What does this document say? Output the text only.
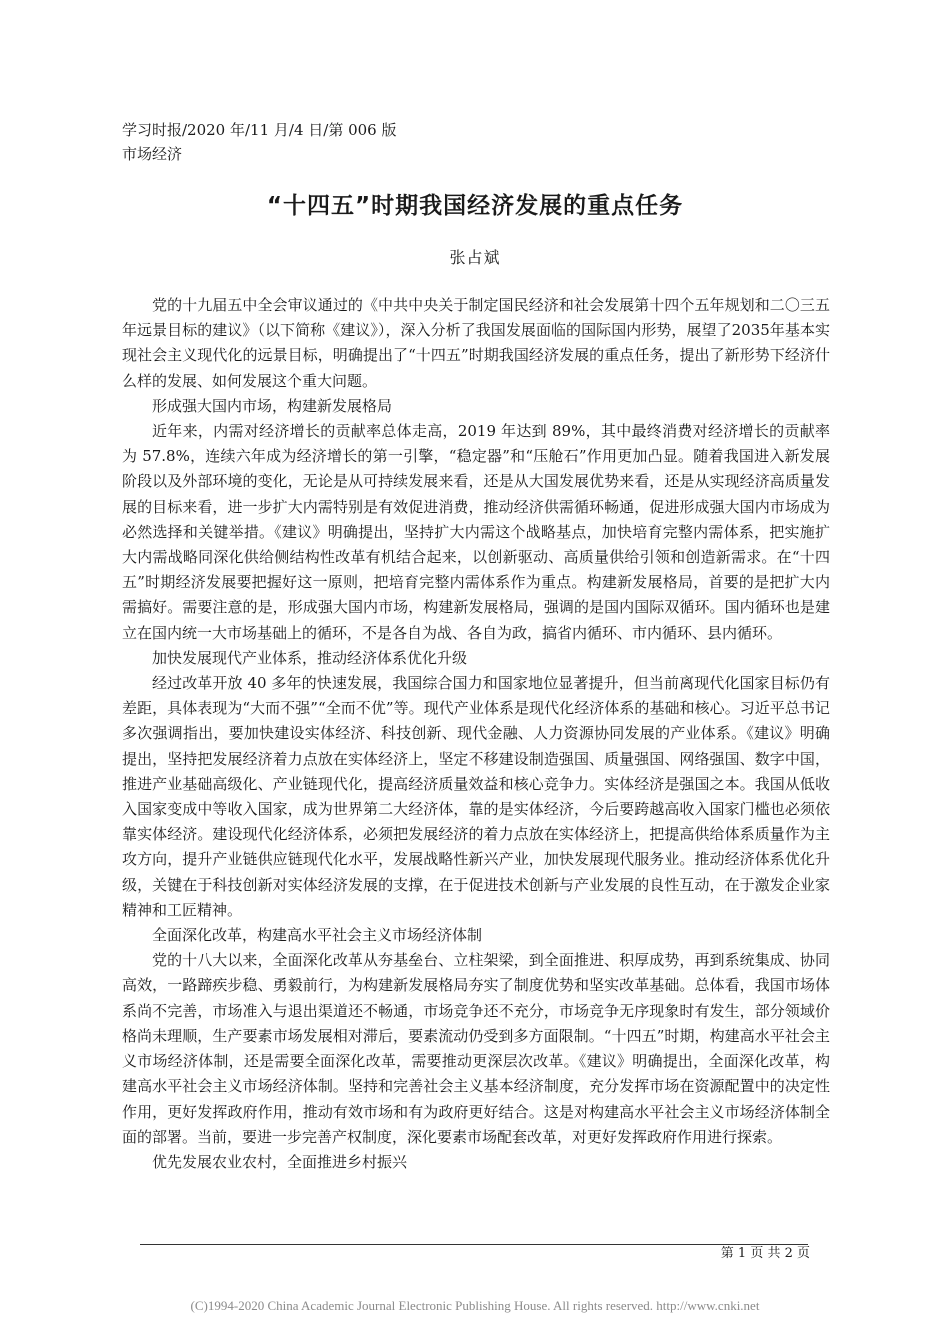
学习时报/2020 年/11 月/4 日/第 006 版
市场经济
“十四五”时期我国经济发展的重点任务
张占斌

党的十九届五中全会审议通过的《中共中央关于制定国民经济和社会发展第十四个五年规划和二〇三五年远景目标的建议》（以下简称《建议》），深入分析了我国发展面临的国际国内形势，展望了2035年基本实现社会主义现代化的远景目标，明确提出了“十四五”时期我国经济发展的重点任务，提出了新形势下经济什么样的发展、如何发展这个重大问题。

形成强大国内市场，构建新发展格局

近年来，内需对经济增长的贡献率总体走高，2019 年达到 89%，其中最终消费对经济增长的贡献率为 57.8%，连续六年成为经济增长的第一引擎，“稳定器”和“压舱石”作用更加凸显。随着我国进入新发展阶段以及外部环境的变化，无论是从可持续发展来看，还是从大国发展优势来看，还是从实现经济高质量发展的目标来看，进一步扩大内需特别是有效促进消费，推动经济供需循环畅通，促进形成强大国内市场成为必然选择和关键举措。《建议》明确提出，坚持扩大内需这个战略基点，加快培育完整内需体系，把实施扩大内需战略同深化供给侧结构性改革有机结合起来，以创新驱动、高质量供给引领和创造新需求。在“十四五”时期经济发展要把握好这一原则，把培育完整内需体系作为重点。构建新发展格局，首要的是把扩大内需搞好。需要注意的是，形成强大国内市场，构建新发展格局，强调的是国内国际双循环。国内循环也是建立在国内统一大市场基础上的循环，不是各自为战、各自为政，搞省内循环、市内循环、县内循环。

加快发展现代产业体系，推动经济体系优化升级

经过改革开放 40 多年的快速发展，我国综合国力和国家地位显著提升，但当前离现代化国家目标仍有差距，具体表现为“大而不强”“全而不优”等。现代产业体系是现代化经济体系的基础和核心。习近平总书记多次强调指出，要加快建设实体经济、科技创新、现代金融、人力资源协同发展的产业体系。《建议》明确提出，坚持把发展经济着力点放在实体经济上，坚定不移建设制造强国、质量强国、网络强国、数字中国，推进产业基础高级化、产业链现代化，提高经济质量效益和核心竞争力。实体经济是强国之本。我国从低收入国家变成中等收入国家，成为世界第二大经济体，靠的是实体经济，今后要跨越高收入国家门槛也必须依靠实体经济。建设现代化经济体系，必须把发展经济的着力点放在实体经济上，把提高供给体系质量作为主攻方向，提升产业链供应链现代化水平，发展战略性新兴产业，加快发展现代服务业。推动经济体系优化升级，关键在于科技创新对实体经济发展的支撑，在于促进技术创新与产业发展的良性互动，在于激发企业家精神和工匠精神。

全面深化改革，构建高水平社会主义市场经济体制

党的十八大以来，全面深化改革从夯基垒台、立柱架梁，到全面推进、积厚成势，再到系统集成、协同高效，一路蹄疾步稳、勇毅前行，为构建新发展格局夯实了制度优势和坚实改革基础。总体看，我国市场体系尚不完善，市场准入与退出渠道还不畅通，市场竞争还不充分，市场竞争无序现象时有发生，部分领域价格尚未理顺，生产要素市场发展相对滞后，要素流动仍受到多方面限制。“十四五”时期，构建高水平社会主义市场经济体制，还是需要全面深化改革，需要推动更深层次改革。《建议》明确提出，全面深化改革，构建高水平社会主义市场经济体制。坚持和完善社会主义基本经济制度，充分发挥市场在资源配置中的决定性作用，更好发挥政府作用，推动有效市场和有为政府更好结合。这是对构建高水平社会主义市场经济体制全面的部署。当前，要进一步完善产权制度，深化要素市场配套改革，对更好发挥政府作用进行探索。

优先发展农业农村，全面推进乡村振兴

第 1 页 共 2 页
(C)1994-2020 China Academic Journal Electronic Publishing House. All rights reserved. http://www.cnki.net
